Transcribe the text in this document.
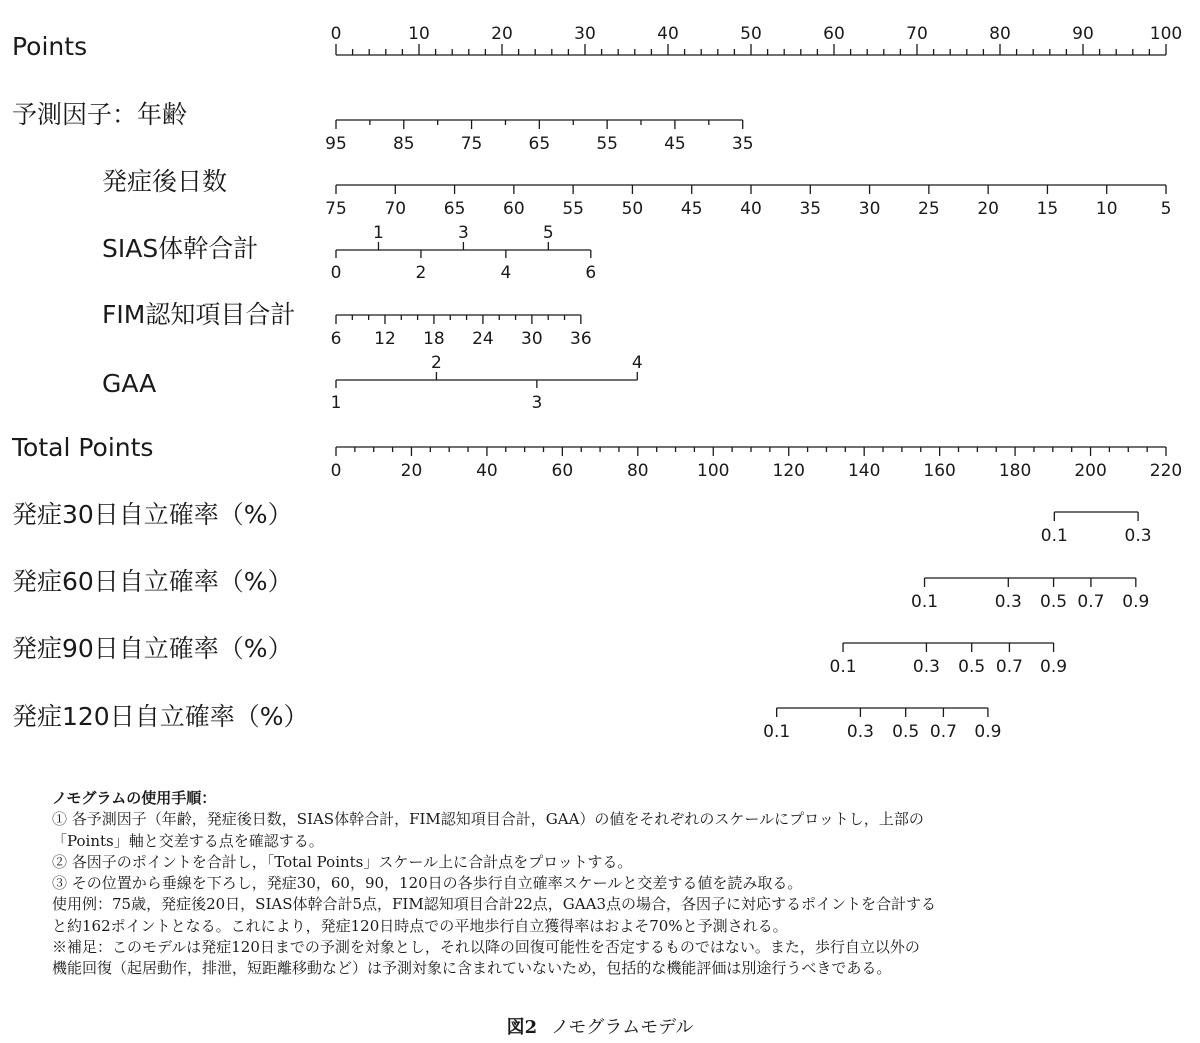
Points	0	10	20	30	40	50	60	70	80	90	100
予測因子：年齢
95	85	75	65	55	45	35
発症後日数
75 70 65 60 55 50 45 40 35 30 25 20 15 10	5
SIAS体幹合計
0	2	4	6
1	3	5
FIM認知項目合計
6 12 18 24 30 36
GAA
1	3
2	4
Total Points
0	20	40	60	80	100	120	140	160	180	200	220
発症30日自立確率（%）
0.1	0.3
発症60日自立確率（%）
0.1	0.3 0.5 0.7 0.9
発症90日自立確率（%）
0.1	0.3 0.5 0.7 0.9
発症120日自立確率（%）
0.1	0.3 0.5 0.7 0.9

ノモグラムの使用手順：

① 各予測因子（年齢，発症後日数，SIAS体幹合計，FIM認知項目合計，GAA）の値をそれぞれのスケールにプロットし，上部の

「Points」軸と交差する点を確認する。

② 各因子のポイントを合計し，「Total Points」スケール上に合計点をプロットする。

③ その位置から垂線を下ろし，発症30，60，90，120日の各歩行自立確率スケールと交差する値を読み取る。

使用例：75歳，発症後20日，SIAS体幹合計5点，FIM認知項目合計22点，GAA3点の場合，各因子に対応するポイントを合計する

と約162ポイントとなる。これにより，発症120日時点での平地歩行自立獲得率はおよそ70%と予測される。

※補足：このモデルは発症120日までの予測を対象とし，それ以降の回復可能性を否定するものではない。また，歩行自立以外の

機能回復（起居動作，排泄，短距離移動など）は予測対象に含まれていないため，包括的な機能評価は別途行うべきである。

図2 ノモグラムモデル
